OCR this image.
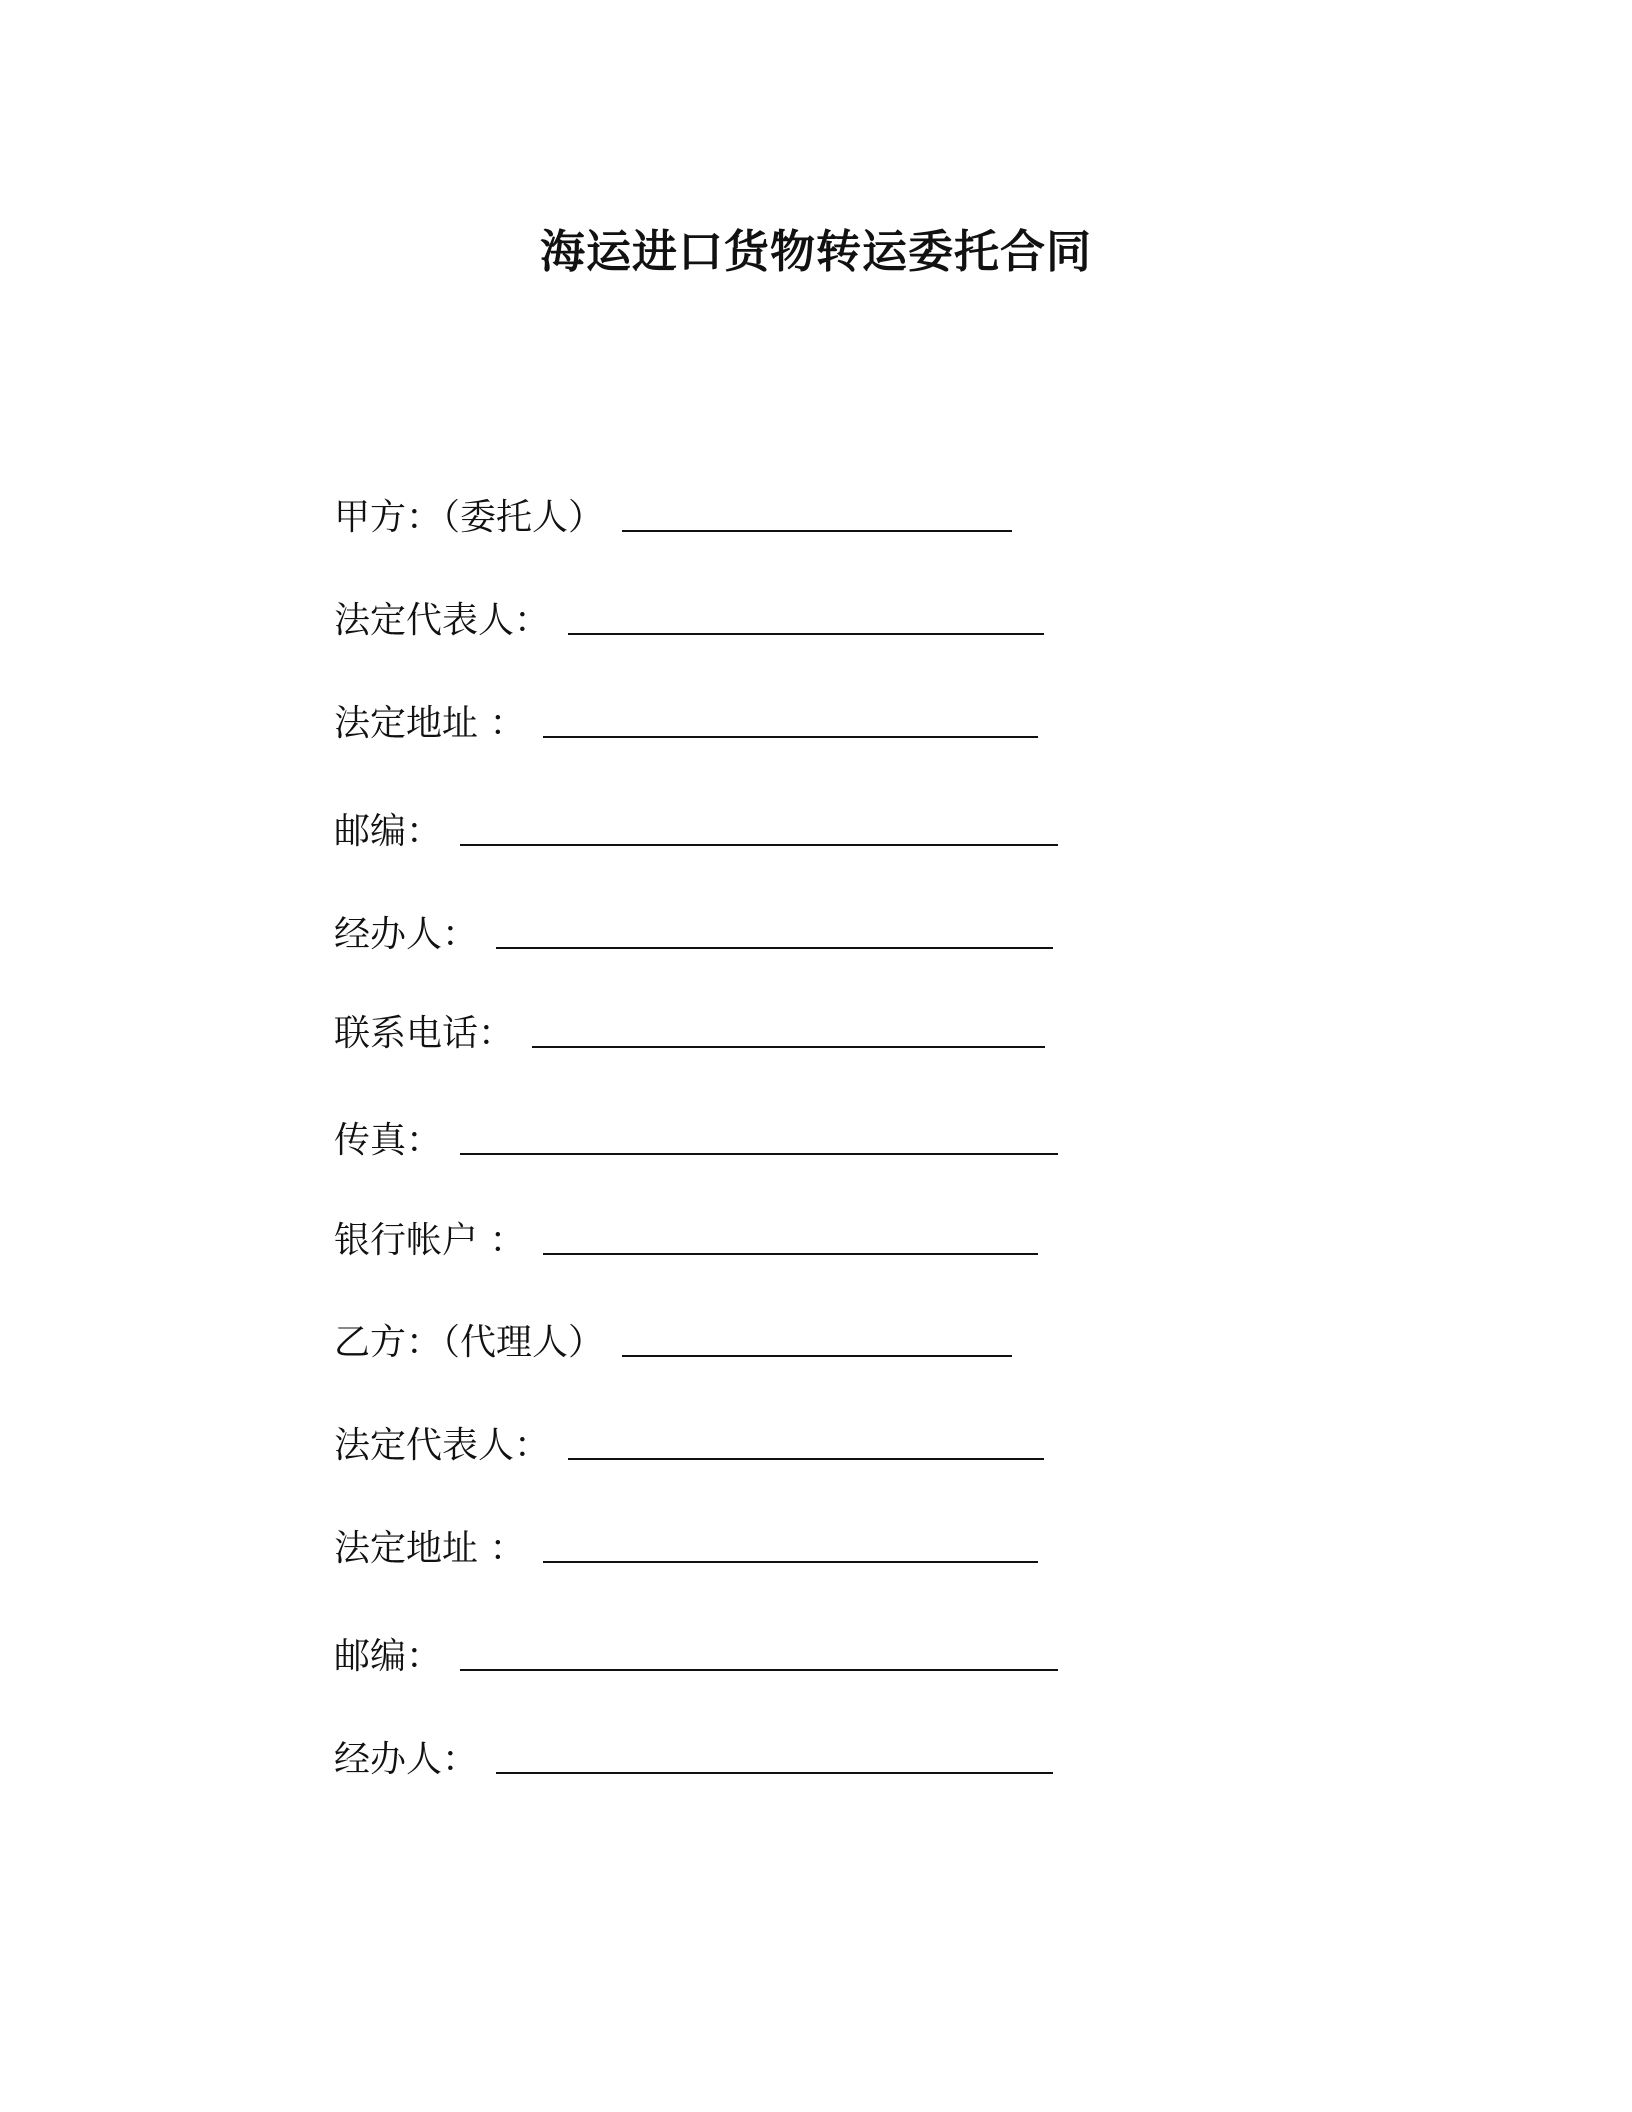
海运进口货物转运委托合同
甲方：（委托人）
法定代表人：
法定地址 ：
邮编：
经办人：
联系电话：
传真：
银行帐户 ：
乙方：（代理人）
法定代表人：
法定地址 ：
邮编：
经办人：
